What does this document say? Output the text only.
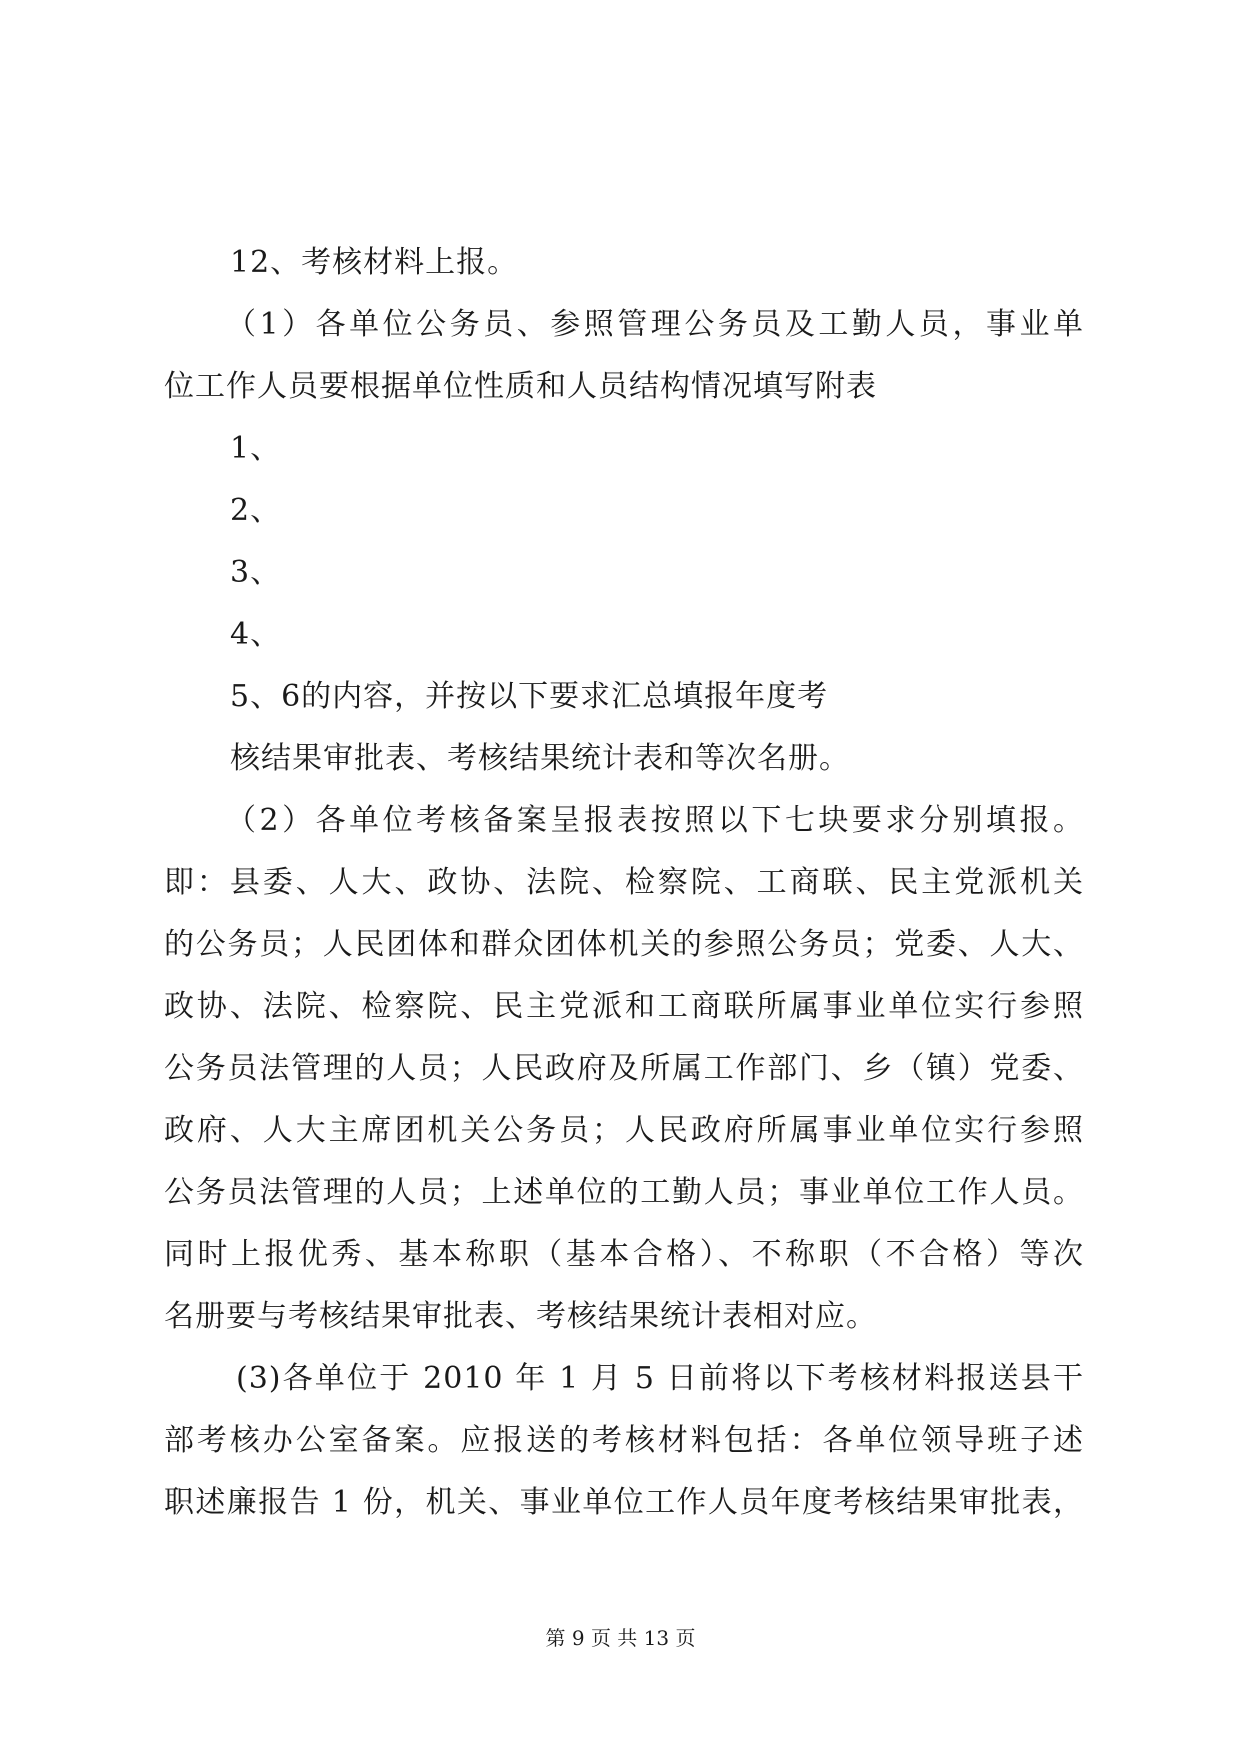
12、考核材料上报。
（1）各单位公务员、参照管理公务员及工勤人员，事业单
位工作人员要根据单位性质和人员结构情况填写附表
1、
2、
3、
4、
5、6的内容，并按以下要求汇总填报年度考
核结果审批表、考核结果统计表和等次名册。
（2）各单位考核备案呈报表按照以下七块要求分别填报。
即：县委、人大、政协、法院、检察院、工商联、民主党派机关
的公务员；人民团体和群众团体机关的参照公务员；党委、人大、
政协、法院、检察院、民主党派和工商联所属事业单位实行参照
公务员法管理的人员；人民政府及所属工作部门、乡（镇）党委、
政府、人大主席团机关公务员；人民政府所属事业单位实行参照
公务员法管理的人员；上述单位的工勤人员；事业单位工作人员。
同时上报优秀、基本称职（基本合格）、不称职（不合格）等次
名册要与考核结果审批表、考核结果统计表相对应。
(3)各单位于 2010 年 1 月 5 日前将以下考核材料报送县干
部考核办公室备案。应报送的考核材料包括：各单位领导班子述
职述廉报告 1 份，机关、事业单位工作人员年度考核结果审批表，
第 9 页 共 13 页
